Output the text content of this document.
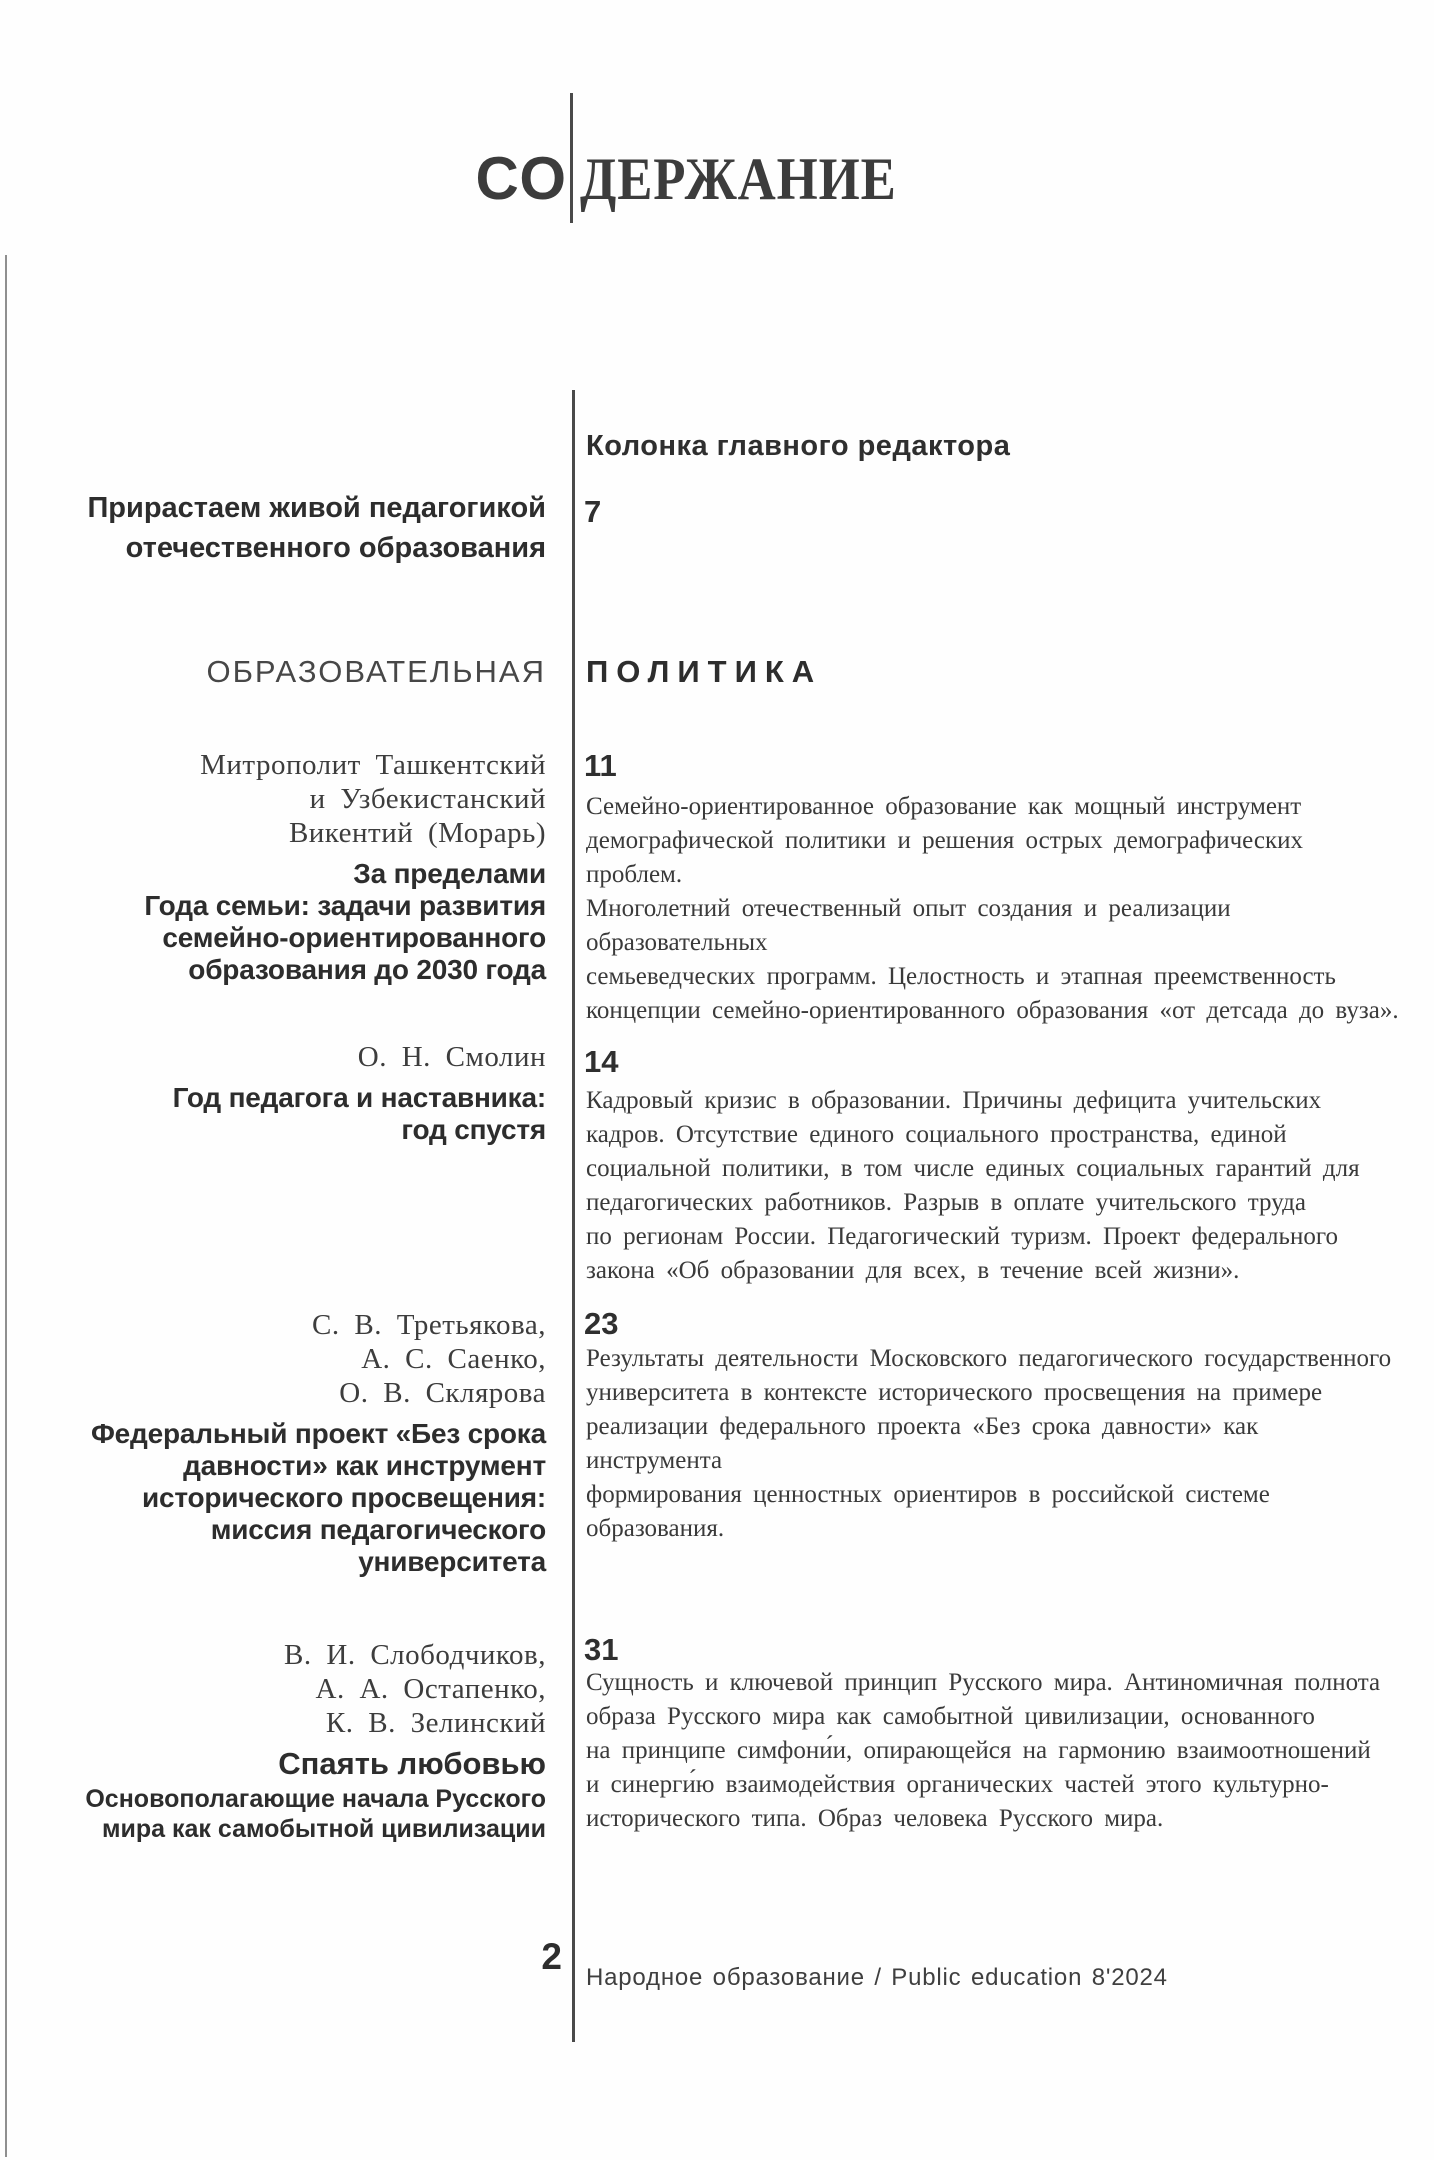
СО ДЕРЖАНИЕ
Колонка главного редактора
7
Прирастаем живой педагогикой
отечественного образования
ОБРАЗОВАТЕЛЬНАЯ ПОЛИТИКА
Митрополит Ташкентский
и Узбекистанский
Викентий (Морарь)
За пределами
Года семьи: задачи развития
семейно-ориентированного
образования до 2030 года
11
Семейно-ориентированное образование как мощный инструмент
демографической политики и решения острых демографических проблем.
Многолетний отечественный опыт создания и реализации образовательных
семьеведческих программ. Целостность и этапная преемственность
концепции семейно-ориентированного образования «от детсада до вуза».
О. Н. Смолин
Год педагога и наставника:
год спустя
14
Кадровый кризис в образовании. Причины дефицита учительских
кадров. Отсутствие единого социального пространства, единой
социальной политики, в том числе единых социальных гарантий для
педагогических работников. Разрыв в оплате учительского труда
по регионам России. Педагогический туризм. Проект федерального
закона «Об образовании для всех, в течение всей жизни».
С. В. Третьякова,
А. С. Саенко,
О. В. Склярова
Федеральный проект «Без срока
давности» как инструмент
исторического просвещения:
миссия педагогического
университета
23
Результаты деятельности Московского педагогического государственного
университета в контексте исторического просвещения на примере
реализации федерального проекта «Без срока давности» как инструмента
формирования ценностных ориентиров в российской системе
образования.
В. И. Слободчиков,
А. А. Остапенко,
К. В. Зелинский
Спаять любовью
Основополагающие начала Русского
мира как самобытной цивилизации
31
Сущность и ключевой принцип Русского мира. Антиномичная полнота
образа Русского мира как самобытной цивилизации, основанного
на принципе симфони́и, опирающейся на гармонию взаимоотношений
и синерги́ю взаимодействия органических частей этого культурно-
исторического типа. Образ человека Русского мира.
2
Народное образование / Public education 8'2024
